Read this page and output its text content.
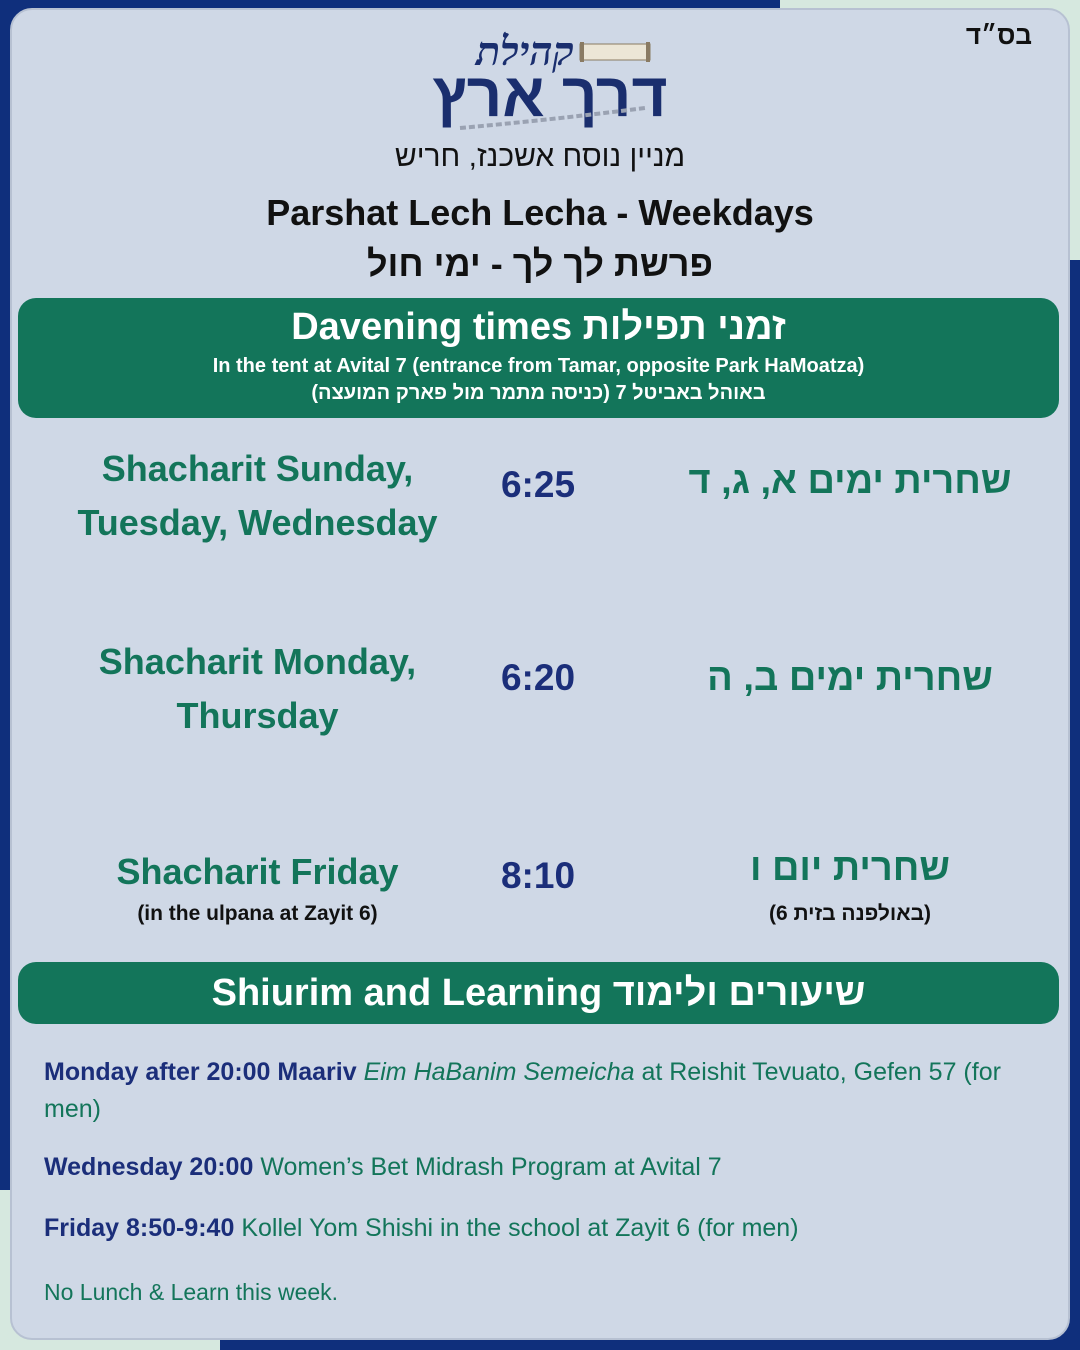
בס״ד
קהילת
דרך ארץ
מניין נוסח אשכנז, חריש
Parshat Lech Lecha - Weekdays
פרשת לך לך - ימי חול
Davening times זמני תפילות
In the tent at Avital 7 (entrance from Tamar, opposite Park HaMoatza)
באוהל באביטל 7 (כניסה מתמר מול פארק המועצה)
Shacharit Sunday, Tuesday, Wednesday
6:25	שחרית ימים א, ג, ד
Shacharit Monday, Thursday
6:20	שחרית ימים ב, ה
Shacharit Friday
(in the ulpana at Zayit 6)
8:10	שחרית יום ו
(באולפנה בזית 6)
Shiurim and Learning שיעורים ולימוד
Monday after 20:00 Maariv Eim HaBanim Semeicha at Reishit Tevuato, Gefen 57 (for men)
Wednesday 20:00 Women’s Bet Midrash Program at Avital 7
Friday 8:50-9:40 Kollel Yom Shishi in the school at Zayit 6 (for men)
No Lunch & Learn this week.
